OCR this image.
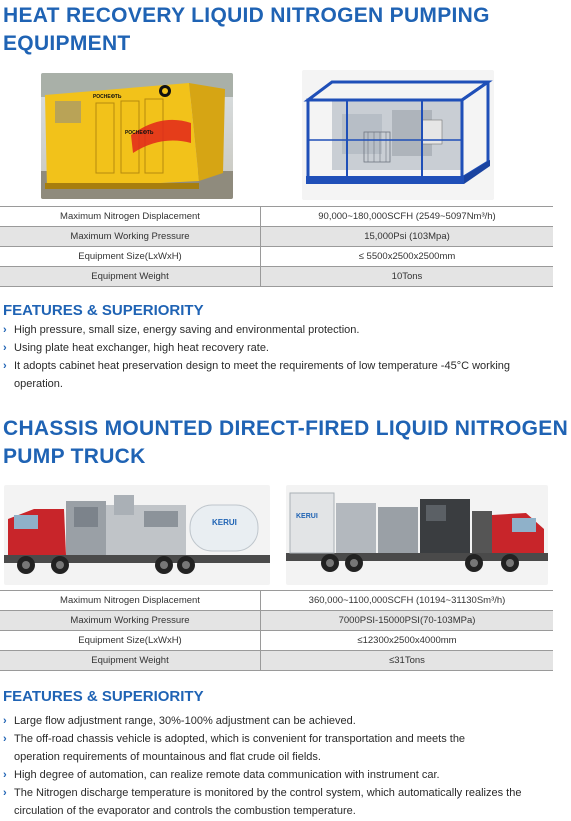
HEAT RECOVERY LIQUID NITROGEN PUMPING
EQUIPMENT
РОСНЕФТЬ
РОСНЕФТЬ
Maximum Nitrogen Displacement	90,000~180,000SCFH (2549~5097Nm³/h)
Maximum Working Pressure	15,000Psi (103Mpa)
Equipment Size(LxWxH)	≤ 5500x2500x2500mm
Equipment Weight	10Tons
FEATURES & SUPERIORITY
› High pressure, small size, energy saving and environmental protection.
› Using plate heat exchanger, high heat recovery rate.
› It adopts cabinet heat preservation design to meet the requirements of low temperature -45°C working operation.
CHASSIS MOUNTED DIRECT-FIRED LIQUID NITROGEN
PUMP TRUCK
KERUI
KERUI
Maximum Nitrogen Displacement	360,000~1100,000SCFH (10194~31130Sm³/h)
Maximum Working Pressure	7000PSI-15000PSI(70-103MPa)
Equipment Size(LxWxH)	≤12300x2500x4000mm
Equipment Weight	≤31Tons
FEATURES & SUPERIORITY
› Large flow adjustment range, 30%-100% adjustment can be achieved.
› The off-road chassis vehicle is adopted, which is convenient for transportation and meets the operation requirements of mountainous and flat crude oil fields.
› High degree of automation, can realize remote data communication with instrument car.
› The Nitrogen discharge temperature is monitored by the control system, which automatically realizes the circulation of the evaporator and controls the combustion temperature.
